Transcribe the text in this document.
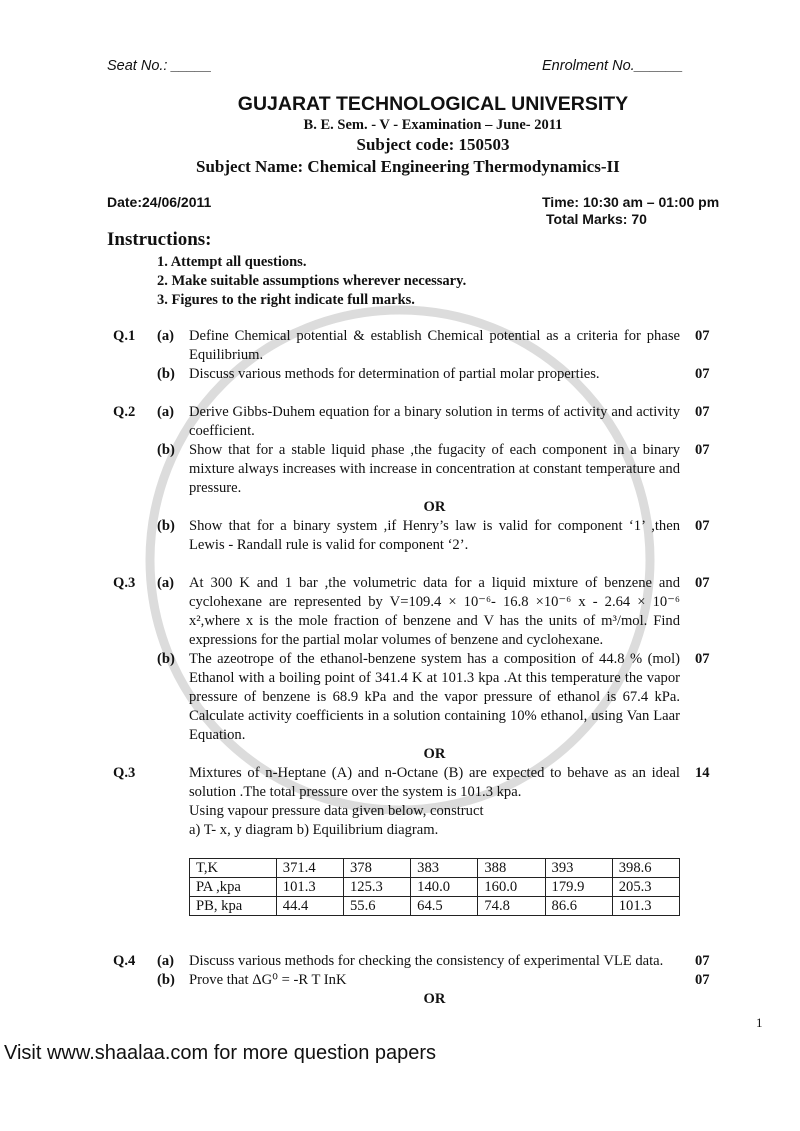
Seat No.: _____	Enrolment No.______
GUJARAT TECHNOLOGICAL UNIVERSITY
B. E. Sem. - V - Examination – June- 2011
Subject code: 150503
Subject Name: Chemical Engineering Thermodynamics-II
Date:24/06/2011	Time: 10:30 am – 01:00 pm
Total Marks: 70
Instructions:
1. Attempt all questions.
2. Make suitable assumptions wherever necessary.
3. Figures to the right indicate full marks.
Q.1	(a)	Define Chemical potential & establish Chemical potential as a criteria for phase Equilibrium.
07
(b) Discuss various methods for determination of partial molar properties.	07
Q.2	(a)	Derive Gibbs-Duhem equation for a binary solution in terms of activity and activity coefficient.
07
(b) Show that for a stable liquid phase ,the fugacity of each component in a binary mixture always increases with increase in concentration at constant temperature and pressure.
07
OR
(b) Show that for a binary system ,if Henry’s law is valid for component ‘1’ ,then Lewis - Randall rule is valid for component ‘2’.
07
Q.3	(a)	At 300 K and 1 bar ,the volumetric data for a liquid mixture of benzene and cyclohexane are represented by V=109.4 × 10⁻⁶- 16.8 ×10⁻⁶ x - 2.64 × 10⁻⁶ x²,where x is the mole fraction of benzene and V has the units of m³/mol. Find expressions for the partial molar volumes of benzene and cyclohexane.
07
(b) The azeotrope of the ethanol-benzene system has a composition of 44.8 % (mol) Ethanol with a boiling point of 341.4 K at 101.3 kpa .At this temperature the vapor pressure of benzene is 68.9 kPa and the vapor pressure of ethanol is 67.4 kPa. Calculate activity coefficients in a solution containing 10% ethanol, using Van Laar Equation.
07
OR
Q.3	Mixtures of n-Heptane (A) and n-Octane (B) are expected to behave as an ideal solution .The total pressure over the system is 101.3 kpa.
Using vapour pressure data given below, construct
a) T- x, y diagram b) Equilibrium diagram.
14
T,K	371.4	378	383	388	393	398.6
PA ,kpa	101.3	125.3	140.0	160.0	179.9	205.3
PB, kpa	44.4	55.6	64.5	74.8	86.6	101.3
Q.4	(a)	Discuss various methods for checking the consistency of experimental VLE data.	07
(b) Prove that ΔG⁰ = -R T InK	07
OR
1
Visit www.shaalaa.com for more question papers
